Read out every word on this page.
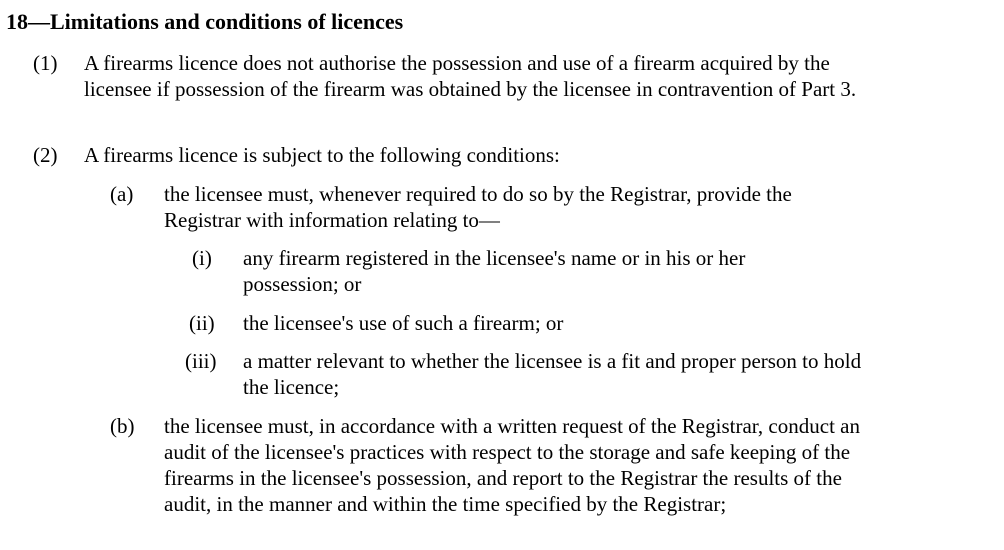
18—Limitations and conditions of licences
(1) A firearms licence does not authorise the possession and use of a firearm acquired by the licensee if possession of the firearm was obtained by the licensee in contravention of Part 3.
(2) A firearms licence is subject to the following conditions:
(a) the licensee must, whenever required to do so by the Registrar, provide the Registrar with information relating to—
(i) any firearm registered in the licensee's name or in his or her possession; or
(ii) the licensee's use of such a firearm; or
(iii) a matter relevant to whether the licensee is a fit and proper person to hold the licence;
(b) the licensee must, in accordance with a written request of the Registrar, conduct an audit of the licensee's practices with respect to the storage and safe keeping of the firearms in the licensee's possession, and report to the Registrar the results of the audit, in the manner and within the time specified by the Registrar;
